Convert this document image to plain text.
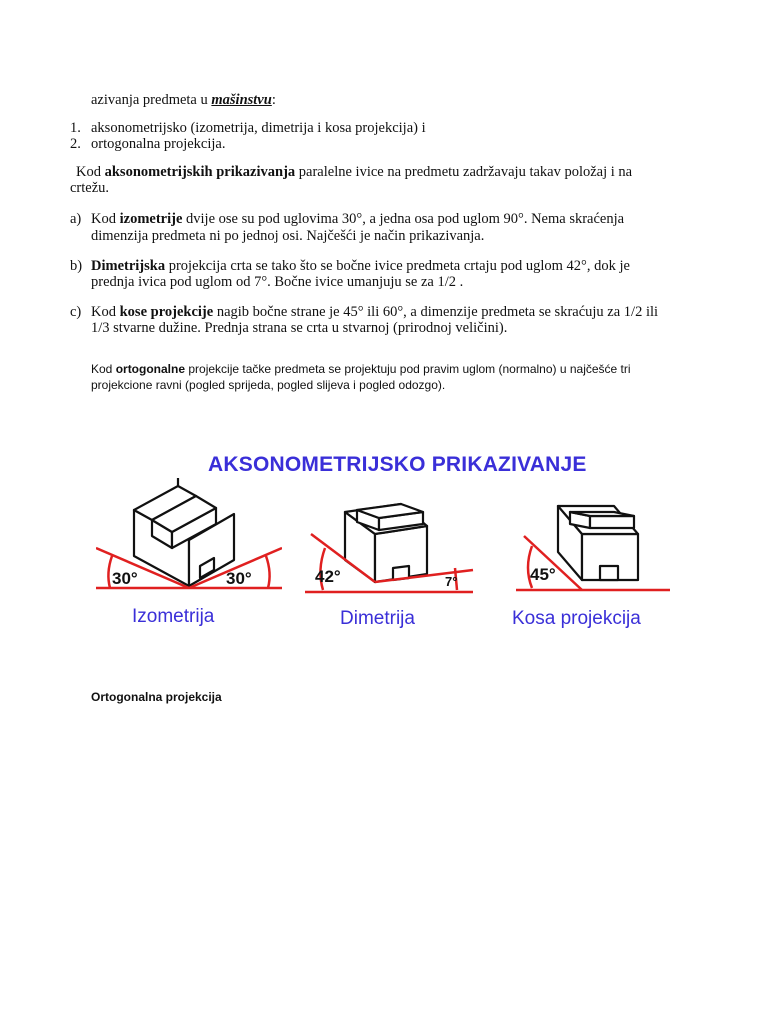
azivanja predmeta u mašinstvu:
1. aksonometrijsko (izometrija, dimetrija i kosa projekcija) i
2. ortogonalna projekcija.
Kod aksonometrijskih prikazivanja paralelne ivice na predmetu zadržavaju takav položaj i na
crtežu.
a) Kod izometrije dvije ose su pod uglovima 30°, a jedna osa pod uglom 90°. Nema skraćenja
dimenzija predmeta ni po jednoj osi. Najčešći je način prikazivanja.
b) Dimetrijska projekcija crta se tako što se bočne ivice predmeta crtaju pod uglom 42°, dok je
prednja ivica pod uglom od 7°. Bočne ivice umanjuju se za 1/2 .
c) Kod kose projekcije nagib bočne strane je 45° ili 60°, a dimenzije predmeta se skraćuju za 1/2 ili
1/3 stvarne dužine. Prednja strana se crta u stvarnoj (prirodnoj veličini).
Kod ortogonalne projekcije tačke predmeta se projektuju pod pravim uglom (normalno) u najčešće tri
projekcione ravni (pogled sprijeda, pogled slijeva i pogled odozgo).
AKSONOMETRIJSKO PRIKAZIVANJE
30°	30°	42°	7°	45°
Izometrija	Dimetrija	Kosa projekcija
Ortogonalna projekcija
